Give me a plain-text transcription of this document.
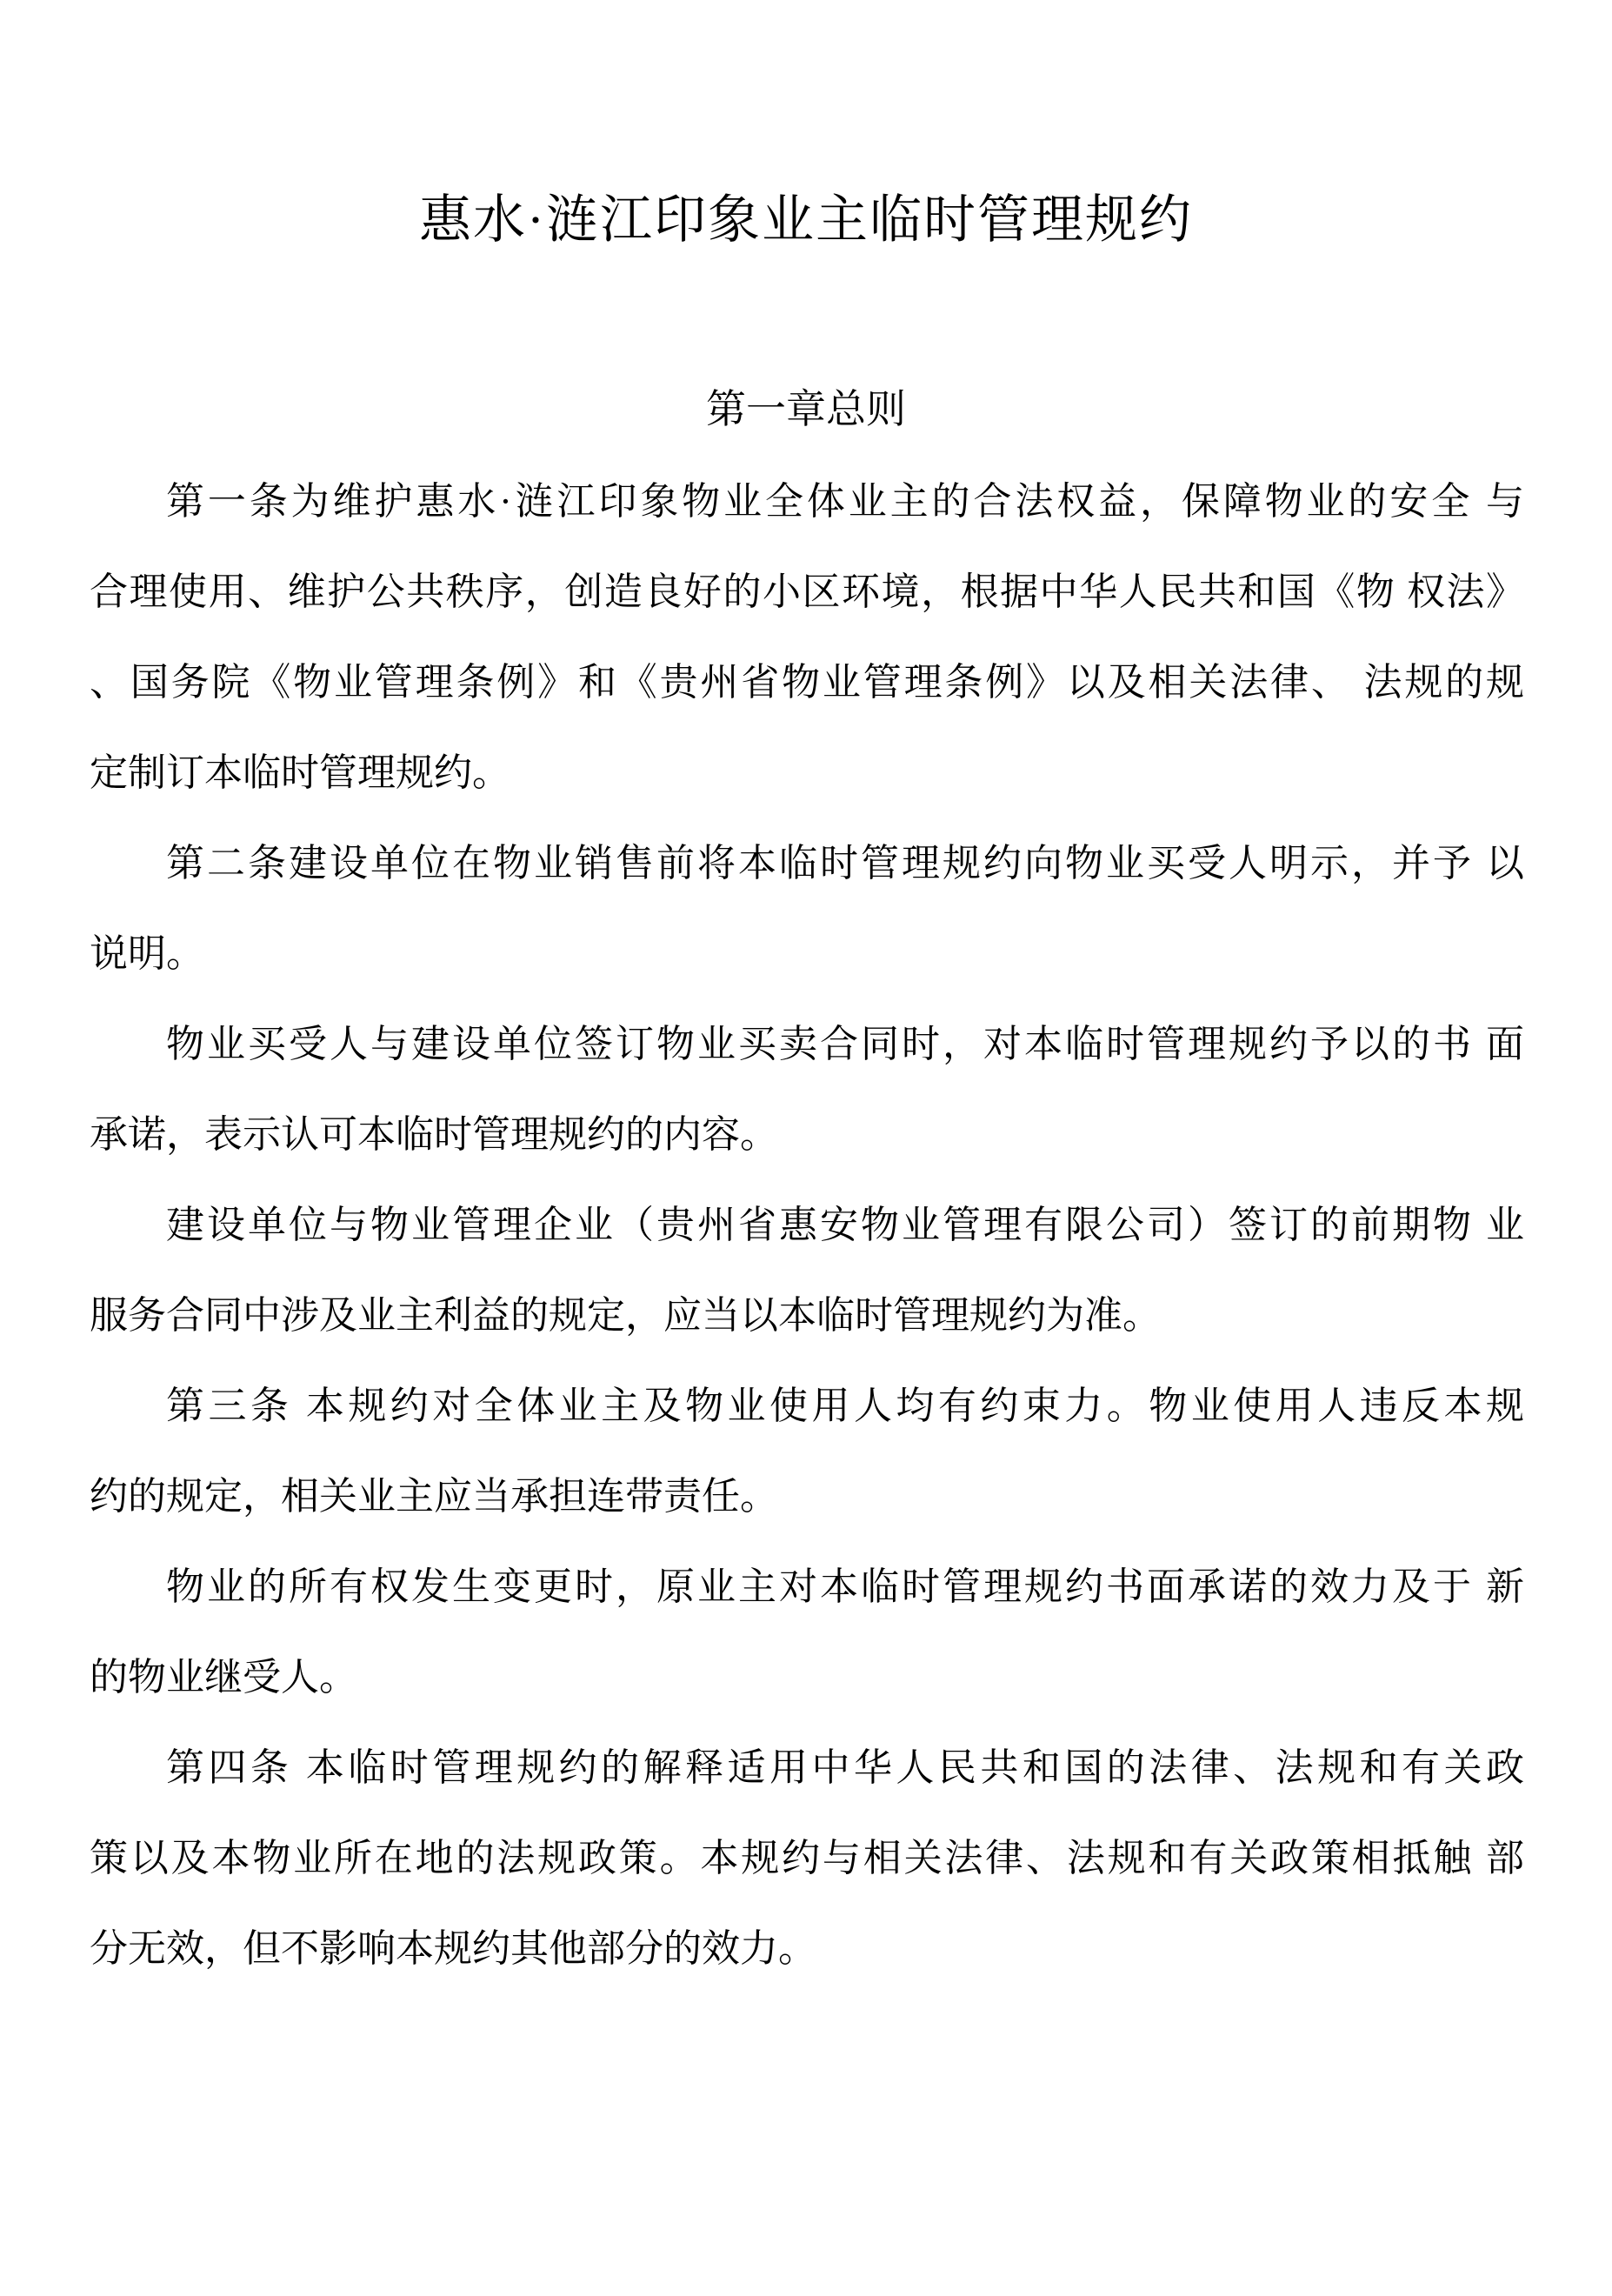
惠水·涟江印象业主临时管理规约
第一章总则
第一条为维护惠水·涟江印象物业全体业主的合法权益，保障物业的安全 与
合理使用、维护公共秩序，创造良好的小区环境，根据中华人民共和国《物 权法》
、国务院《物业管理条例》和《贵州省物业管理条例》以及相关法律、 法规的规
定制订本临时管理规约。
第二条建设单位在物业销售前将本临时管理规约向物业买受人明示，并予 以
说明。
物业买受人与建设单位签订物业买卖合同时，对本临时管理规约予以的书 面
承诺，表示认可本临时管理规约的内容。
建设单位与物业管理企业（贵州省惠安物业管理有限公司）签订的前期物 业
服务合同中涉及业主利益的规定，应当以本临时管理规约为准。
第三条 本规约对全体业主及物业使用人均有约束力。物业使用人违反本规
约的规定，相关业主应当承担连带责任。
物业的所有权发生变更时，原业主对本临时管理规约书面承诺的效力及于 新
的物业继受人。
第四条 本临时管理规约的解释适用中华人民共和国的法律、法规和有关政
策以及本物业所在地的法规政策。本规约与相关法律、法规和有关政策相抵触 部
分无效，但不影响本规约其他部分的效力。
